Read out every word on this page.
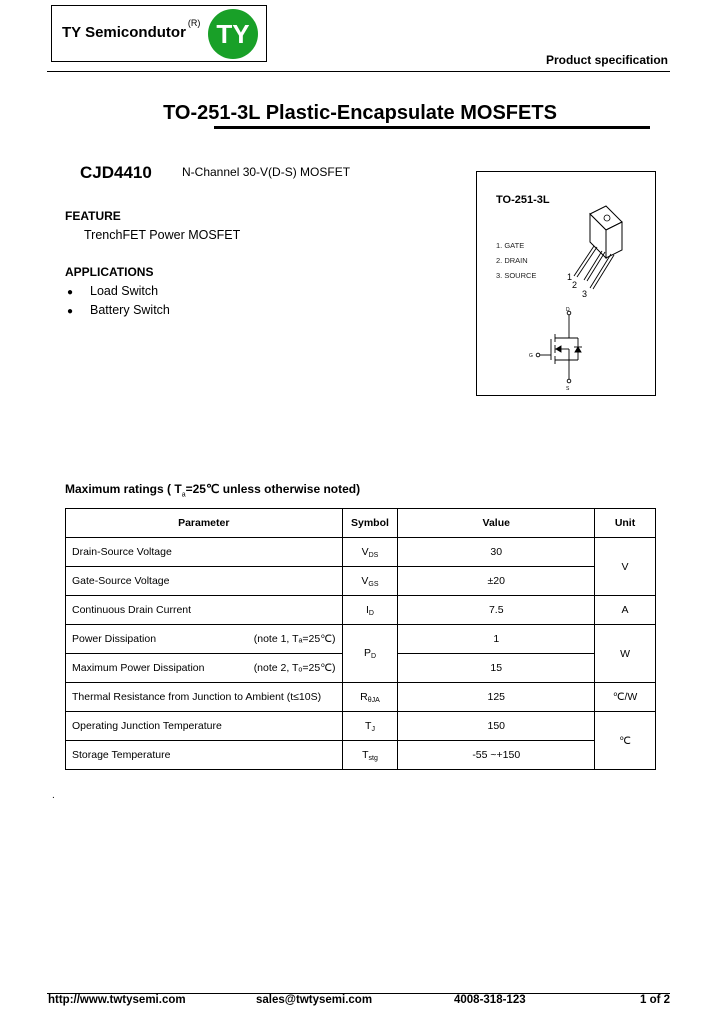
TY Semicondutor$^{(R)}$ TY
Product specification
TO-251-3L Plastic-Encapsulate MOSFETS
CJD4410	N-Channel 30-V(D-S) MOSFET
FEATURE
TrenchFET Power MOSFET
APPLICATIONS
● Load Switch
● Battery Switch
TO-251-3L
1. GATE
2. DRAIN
3. SOURCE	1
2
3
D
G
S
Maximum ratings ( $T_a=25℃$ unless otherwise noted)
Parameter	Symbol	Value	Unit
Drain-Source Voltage	VDS	30	V
Gate-Source Voltage	VGS	±20	
Continuous Drain Current	ID	7.5	A
Power Dissipation (note 1, Tₐ=25℃)	PD	1	W
Maximum Power Dissipation (note 2, Tₒ=25℃)		15	
Thermal Resistance from Junction to Ambient (t≤10S)	RθJA	125	℃/W
Operating Junction Temperature	TJ	150	℃
Storage Temperature	Tstg	-55 ~+150	
.
http://www.twtysemi.com	sales@twtysemi.com	4008-318-123	1 of 2
